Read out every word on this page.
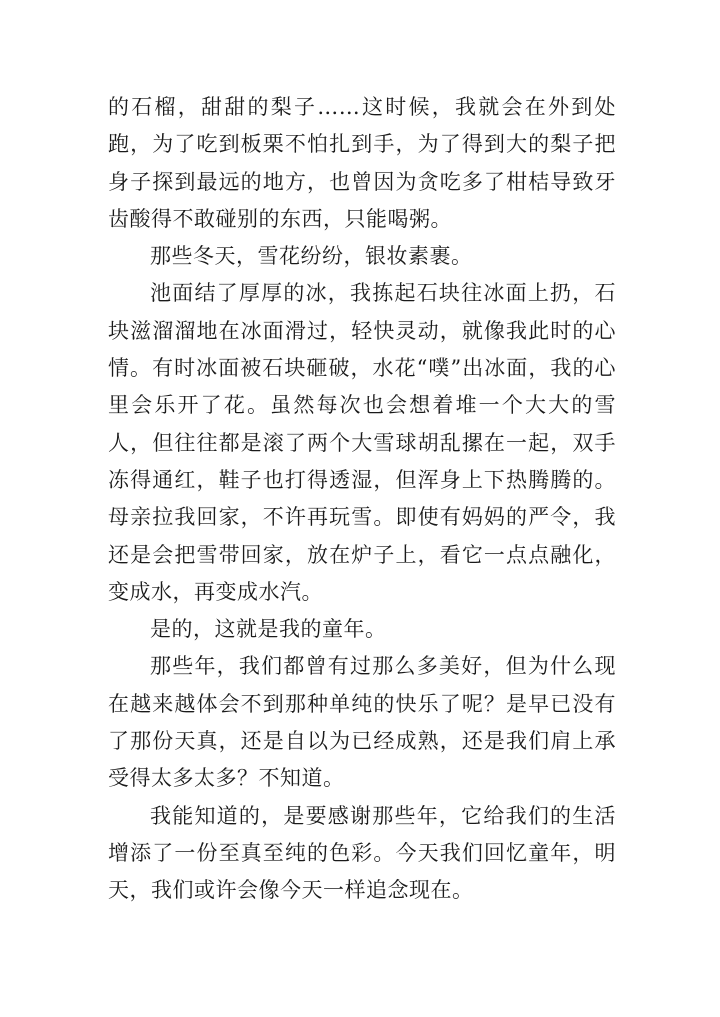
的石榴，甜甜的梨子……这时候，我就会在外到处跑，为了吃到板栗不怕扎到手，为了得到大的梨子把身子探到最远的地方，也曾因为贪吃多了柑桔导致牙齿酸得不敢碰别的东西，只能喝粥。

那些冬天，雪花纷纷，银妆素裹。

池面结了厚厚的冰，我拣起石块往冰面上扔，石块滋溜溜地在冰面滑过，轻快灵动，就像我此时的心情。有时冰面被石块砸破，水花“噗”出冰面，我的心里会乐开了花。虽然每次也会想着堆一个大大的雪人，但往往都是滚了两个大雪球胡乱摞在一起，双手冻得通红，鞋子也打得透湿，但浑身上下热腾腾的。母亲拉我回家，不许再玩雪。即使有妈妈的严令，我还是会把雪带回家，放在炉子上，看它一点点融化，变成水，再变成水汽。

是的，这就是我的童年。

那些年，我们都曾有过那么多美好，但为什么现在越来越体会不到那种单纯的快乐了呢？是早已没有了那份天真，还是自以为已经成熟，还是我们肩上承受得太多太多？不知道。

我能知道的，是要感谢那些年，它给我们的生活增添了一份至真至纯的色彩。今天我们回忆童年，明天，我们或许会像今天一样追念现在。
